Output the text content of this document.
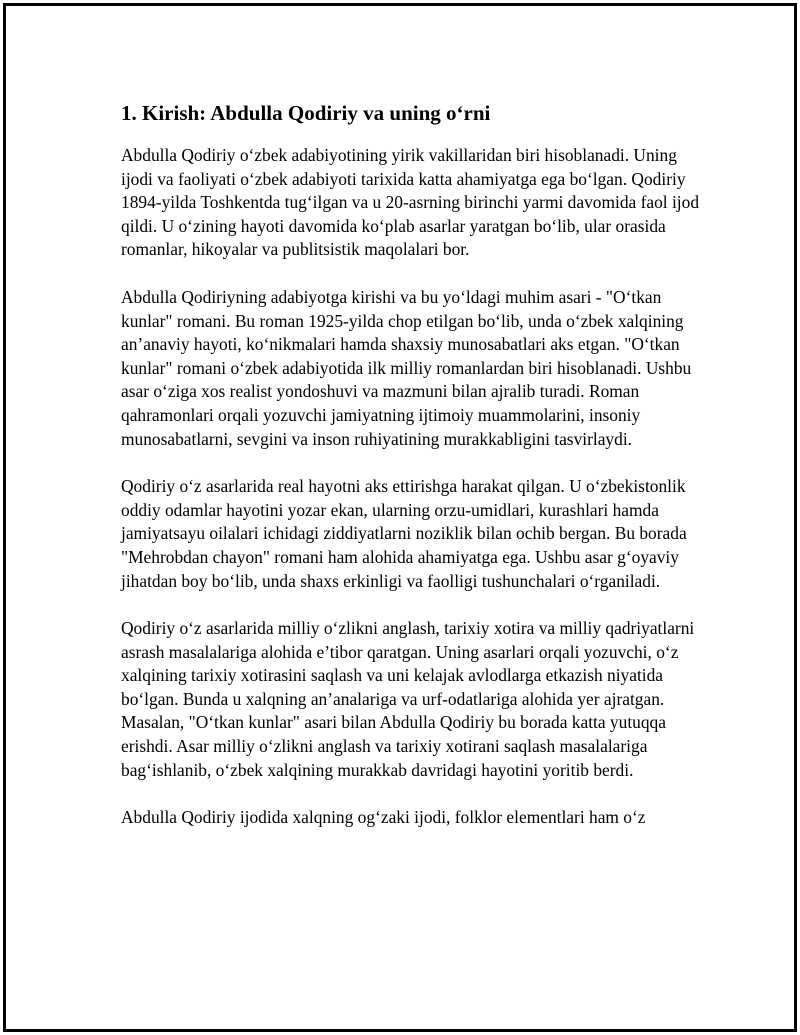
1. Kirish: Abdulla Qodiriy va uning o‘rni

Abdulla Qodiriy o‘zbek adabiyotining yirik vakillaridan biri hisoblanadi. Uning ijodi va faoliyati o‘zbek adabiyoti tarixida katta ahamiyatga ega bo‘lgan. Qodiriy 1894-yilda Toshkentda tug‘ilgan va u 20-asrning birinchi yarmi davomida faol ijod qildi. U o‘zining hayoti davomida ko‘plab asarlar yaratgan bo‘lib, ular orasida romanlar, hikoyalar va publitsistik maqolalari bor.

Abdulla Qodiriyning adabiyotga kirishi va bu yo‘ldagi muhim asari - "O‘tkan kunlar" romani. Bu roman 1925-yilda chop etilgan bo‘lib, unda o‘zbek xalqining an’anaviy hayoti, ko‘nikmalari hamda shaxsiy munosabatlari aks etgan. "O‘tkan kunlar" romani o‘zbek adabiyotida ilk milliy romanlardan biri hisoblanadi. Ushbu asar o‘ziga xos realist yondoshuvi va mazmuni bilan ajralib turadi. Roman qahramonlari orqali yozuvchi jamiyatning ijtimoiy muammolarini, insoniy munosabatlarni, sevgini va inson ruhiyatining murakkabligini tasvirlaydi.

Qodiriy o‘z asarlarida real hayotni aks ettirishga harakat qilgan. U o‘zbekistonlik oddiy odamlar hayotini yozar ekan, ularning orzu-umidlari, kurashlari hamda jamiyatsayu oilalari ichidagi ziddiyatlarni noziklik bilan ochib bergan. Bu borada "Mehrobdan chayon" romani ham alohida ahamiyatga ega. Ushbu asar g‘oyaviy jihatdan boy bo‘lib, unda shaxs erkinligi va faolligi tushunchalari o‘rganiladi.

Qodiriy o‘z asarlarida milliy o‘zlikni anglash, tarixiy xotira va milliy qadriyatlarni asrash masalalariga alohida e’tibor qaratgan. Uning asarlari orqali yozuvchi, o‘z xalqining tarixiy xotirasini saqlash va uni kelajak avlodlarga etkazish niyatida bo‘lgan. Bunda u xalqning an’analariga va urf-odatlariga alohida yer ajratgan. Masalan, "O‘tkan kunlar" asari bilan Abdulla Qodiriy bu borada katta yutuqqa erishdi. Asar milliy o‘zlikni anglash va tarixiy xotirani saqlash masalalariga bag‘ishlanib, o‘zbek xalqining murakkab davridagi hayotini yoritib berdi.

Abdulla Qodiriy ijodida xalqning og‘zaki ijodi, folklor elementlari ham o‘z
